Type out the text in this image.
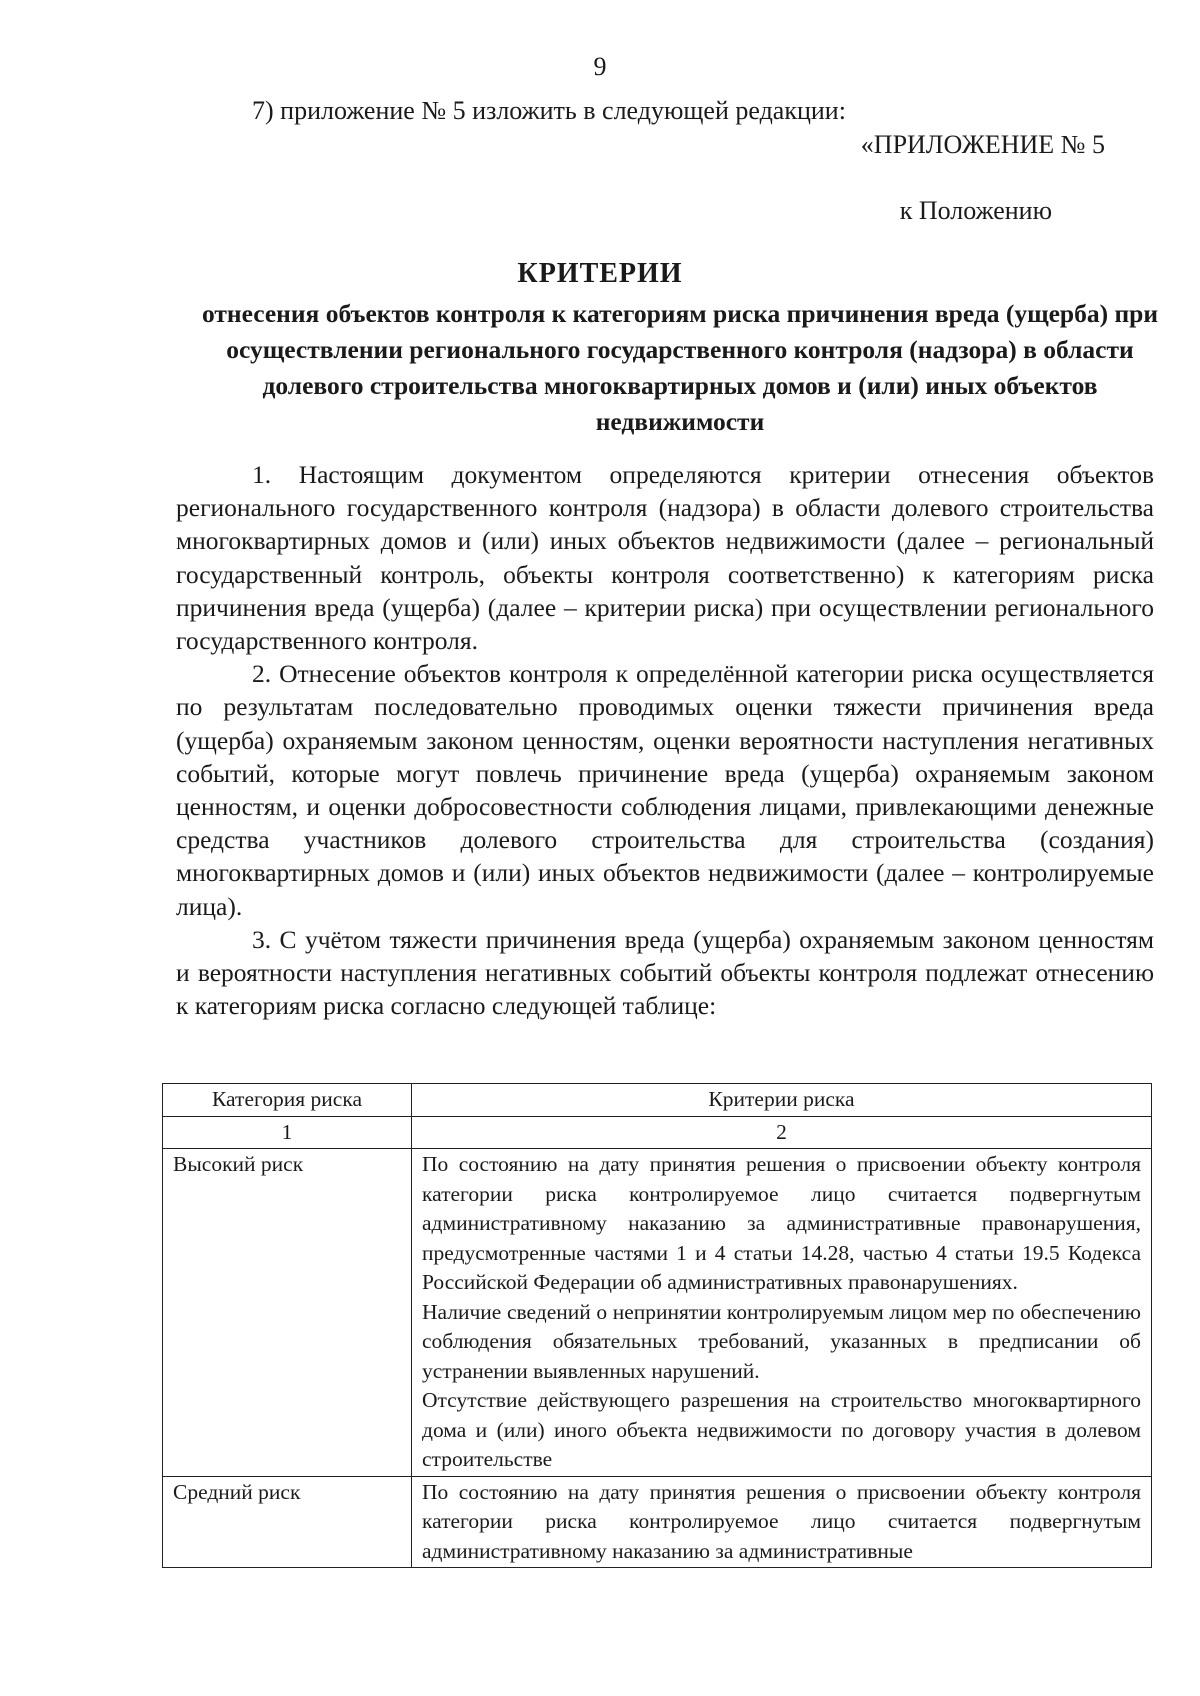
9
7) приложение № 5 изложить в следующей редакции:
«ПРИЛОЖЕНИЕ № 5
к Положению
КРИТЕРИИ
отнесения объектов контроля к категориям риска причинения вреда (ущерба) при осуществлении регионального государственного контроля (надзора) в области долевого строительства многоквартирных домов и (или) иных объектов недвижимости

1. Настоящим документом определяются критерии отнесения объектов регионального государственного контроля (надзора) в области долевого строительства многоквартирных домов и (или) иных объектов недвижимости (далее – региональный государственный контроль, объекты контроля соответственно) к категориям риска причинения вреда (ущерба) (далее – критерии риска) при осуществлении регионального государственного контроля.

2. Отнесение объектов контроля к определённой категории риска осуществляется по результатам последовательно проводимых оценки тяжести причинения вреда (ущерба) охраняемым законом ценностям, оценки вероятности наступления негативных событий, которые могут повлечь причинение вреда (ущерба) охраняемым законом ценностям, и оценки добросовестности соблюдения лицами, привлекающими денежные средства участников долевого строительства для строительства (создания) многоквартирных домов и (или) иных объектов недвижимости (далее – контролируемые лица).

3. С учётом тяжести причинения вреда (ущерба) охраняемым законом ценностям и вероятности наступления негативных событий объекты контроля подлежат отнесению к категориям риска согласно следующей таблице:

Категория риска	Критерии риска
1	2
Высокий риск	По состоянию на дату принятия решения о присвоении объекту контроля категории риска контролируемое лицо считается подвергнутым административному наказанию за административные правонарушения, предусмотренные частями 1 и 4 статьи 14.28, частью 4 статьи 19.5 Кодекса Российской Федерации об административных правонарушениях.

Наличие сведений о непринятии контролируемым лицом мер по обеспечению соблюдения обязательных требований, указанных в предписании об устранении выявленных нарушений.

Отсутствие действующего разрешения на строительство многоквартирного дома и (или) иного объекта недвижимости по договору участия в долевом строительстве

Средний риск	По состоянию на дату принятия решения о присвоении объекту контроля категории риска контролируемое лицо считается подвергнутым административному наказанию за административные
